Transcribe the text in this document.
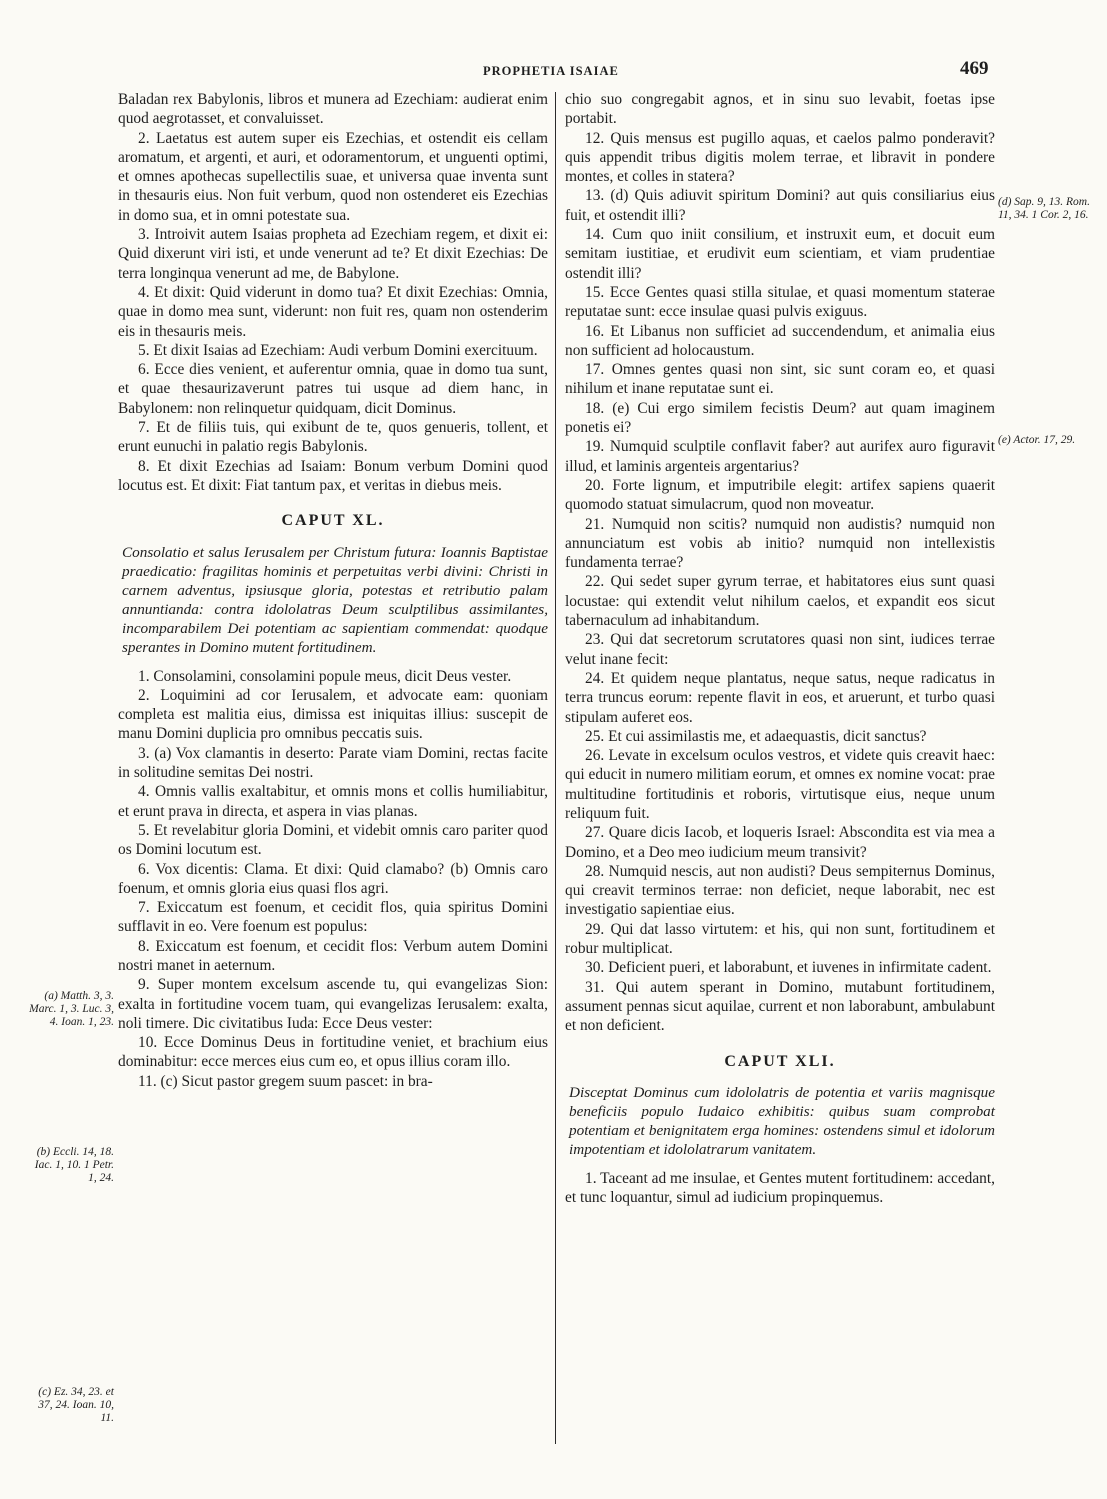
PROPHETIA ISAIAE	469

Baladan rex Babylonis, libros et munera ad Ezechiam: audierat enim quod aegrotasset, et convaluisset.

2. Laetatus est autem super eis Ezechias, et ostendit eis cellam aromatum, et argenti, et auri, et odoramentorum, et unguenti optimi, et omnes apothecas supellectilis suae, et universa quae inventa sunt in thesauris eius. Non fuit verbum, quod non ostenderet eis Ezechias in domo sua, et in omni potestate sua.

3. Introivit autem Isaias propheta ad Ezechiam regem, et dixit ei: Quid dixerunt viri isti, et unde venerunt ad te? Et dixit Ezechias: De terra longinqua venerunt ad me, de Babylone.

4. Et dixit: Quid viderunt in domo tua? Et dixit Ezechias: Omnia, quae in domo mea sunt, viderunt: non fuit res, quam non ostenderim eis in thesauris meis.

5. Et dixit Isaias ad Ezechiam: Audi verbum Domini exercituum.

6. Ecce dies venient, et auferentur omnia, quae in domo tua sunt, et quae thesaurizaverunt patres tui usque ad diem hanc, in Babylonem: non relinquetur quidquam, dicit Dominus.

7. Et de filiis tuis, qui exibunt de te, quos genueris, tollent, et erunt eunuchi in palatio regis Babylonis.

8. Et dixit Ezechias ad Isaiam: Bonum verbum Domini quod locutus est. Et dixit: Fiat tantum pax, et veritas in diebus meis.

CAPUT XL.

Consolatio et salus Ierusalem per Christum futura: Ioannis Baptistae praedicatio: fragilitas hominis et perpetuitas verbi divini: Christi in carnem adventus, ipsiusque gloria, potestas et retributio palam annuntianda: contra idololatras Deum sculptilibus assimilantes, incomparabilem Dei potentiam ac sapientiam commendat: quodque sperantes in Domino mutent fortitudinem.

1. Consolamini, consolamini popule meus, dicit Deus vester.

2. Loquimini ad cor Ierusalem, et advocate eam: quoniam completa est malitia eius, dimissa est iniquitas illius: suscepit de manu Domini duplicia pro omnibus peccatis suis.

3. (a) Vox clamantis in deserto: Parate viam Domini, rectas facite in solitudine semitas Dei nostri.

4. Omnis vallis exaltabitur, et omnis mons et collis humiliabitur, et erunt prava in directa, et aspera in vias planas.

5. Et revelabitur gloria Domini, et videbit omnis caro pariter quod os Domini locutum est.

6. Vox dicentis: Clama. Et dixi: Quid clamabo? (b) Omnis caro foenum, et omnis gloria eius quasi flos agri.

7. Exiccatum est foenum, et cecidit flos, quia spiritus Domini sufflavit in eo. Vere foenum est populus:

8. Exiccatum est foenum, et cecidit flos: Verbum autem Domini nostri manet in aeternum.

9. Super montem excelsum ascende tu, qui evangelizas Sion: exalta in fortitudine vocem tuam, qui evangelizas Ierusalem: exalta, noli timere. Dic civitatibus Iuda: Ecce Deus vester:

10. Ecce Dominus Deus in fortitudine veniet, et brachium eius dominabitur: ecce merces eius cum eo, et opus illius coram illo.

11. (c) Sicut pastor gregem suum pascet: in bra-

chio suo congregabit agnos, et in sinu suo levabit, foetas ipse portabit.

12. Quis mensus est pugillo aquas, et caelos palmo ponderavit? quis appendit tribus digitis molem terrae, et libravit in pondere montes, et colles in statera?

13. (d) Quis adiuvit spiritum Domini? aut quis consiliarius eius fuit, et ostendit illi?

14. Cum quo iniit consilium, et instruxit eum, et docuit eum semitam iustitiae, et erudivit eum scientiam, et viam prudentiae ostendit illi?

15. Ecce Gentes quasi stilla situlae, et quasi momentum staterae reputatae sunt: ecce insulae quasi pulvis exiguus.

16. Et Libanus non sufficiet ad succendendum, et animalia eius non sufficient ad holocaustum.

17. Omnes gentes quasi non sint, sic sunt coram eo, et quasi nihilum et inane reputatae sunt ei.

18. (e) Cui ergo similem fecistis Deum? aut quam imaginem ponetis ei?

19. Numquid sculptile conflavit faber? aut aurifex auro figuravit illud, et laminis argenteis argentarius?

20. Forte lignum, et imputribile elegit: artifex sapiens quaerit quomodo statuat simulacrum, quod non moveatur.

21. Numquid non scitis? numquid non audistis? numquid non annunciatum est vobis ab initio? numquid non intellexistis fundamenta terrae?

22. Qui sedet super gyrum terrae, et habitatores eius sunt quasi locustae: qui extendit velut nihilum caelos, et expandit eos sicut tabernaculum ad inhabitandum.

23. Qui dat secretorum scrutatores quasi non sint, iudices terrae velut inane fecit:

24. Et quidem neque plantatus, neque satus, neque radicatus in terra truncus eorum: repente flavit in eos, et aruerunt, et turbo quasi stipulam auferet eos.

25. Et cui assimilastis me, et adaequastis, dicit sanctus?

26. Levate in excelsum oculos vestros, et videte quis creavit haec: qui educit in numero militiam eorum, et omnes ex nomine vocat: prae multitudine fortitudinis et roboris, virtutisque eius, neque unum reliquum fuit.

27. Quare dicis Iacob, et loqueris Israel: Abscondita est via mea a Domino, et a Deo meo iudicium meum transivit?

28. Numquid nescis, aut non audisti? Deus sempiternus Dominus, qui creavit terminos terrae: non deficiet, neque laborabit, nec est investigatio sapientiae eius.

29. Qui dat lasso virtutem: et his, qui non sunt, fortitudinem et robur multiplicat.

30. Deficient pueri, et laborabunt, et iuvenes in infirmitate cadent.

31. Qui autem sperant in Domino, mutabunt fortitudinem, assument pennas sicut aquilae, current et non laborabunt, ambulabunt et non deficient.

CAPUT XLI.

Disceptat Dominus cum idololatris de potentia et variis magnisque beneficiis populo Iudaico exhibitis: quibus suam comprobat potentiam et benignitatem erga homines: ostendens simul et idolorum impotentiam et idololatrarum vanitatem.

1. Taceant ad me insulae, et Gentes mutent fortitudinem: accedant, et tunc loquantur, simul ad iudicium propinquemus.

(a) Matth. 3, 3. Marc. 1, 3. Luc. 3, 4. Ioan. 1, 23.
(b) Eccli. 14, 18. Iac. 1, 10. 1 Petr. 1, 24.
(c) Ez. 34, 23. et 37, 24. Ioan. 10, 11.
(d) Sap. 9, 13. Rom. 11, 34. 1 Cor. 2, 16.
(e) Actor. 17, 29.
